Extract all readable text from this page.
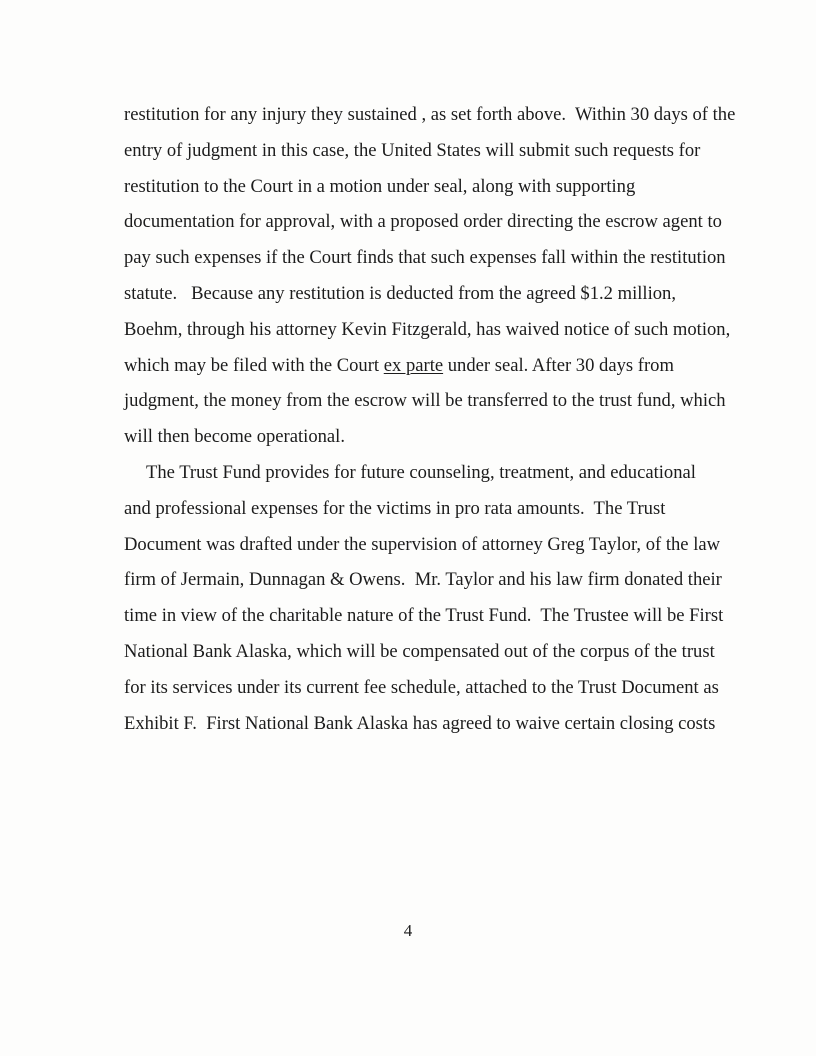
restitution for any injury they sustained , as set forth above.  Within 30 days of the
entry of judgment in this case, the United States will submit such requests for
restitution to the Court in a motion under seal, along with supporting
documentation for approval, with a proposed order directing the escrow agent to
pay such expenses if the Court finds that such expenses fall within the restitution
statute.   Because any restitution is deducted from the agreed $1.2 million,
Boehm, through his attorney Kevin Fitzgerald, has waived notice of such motion,
which may be filed with the Court ex parte under seal. After 30 days from
judgment, the money from the escrow will be transferred to the trust fund, which
will then become operational.
The Trust Fund provides for future counseling, treatment, and educational
and professional expenses for the victims in pro rata amounts.  The Trust
Document was drafted under the supervision of attorney Greg Taylor, of the law
firm of Jermain, Dunnagan & Owens.  Mr. Taylor and his law firm donated their
time in view of the charitable nature of the Trust Fund.  The Trustee will be First
National Bank Alaska, which will be compensated out of the corpus of the trust
for its services under its current fee schedule, attached to the Trust Document as
Exhibit F.  First National Bank Alaska has agreed to waive certain closing costs
4
